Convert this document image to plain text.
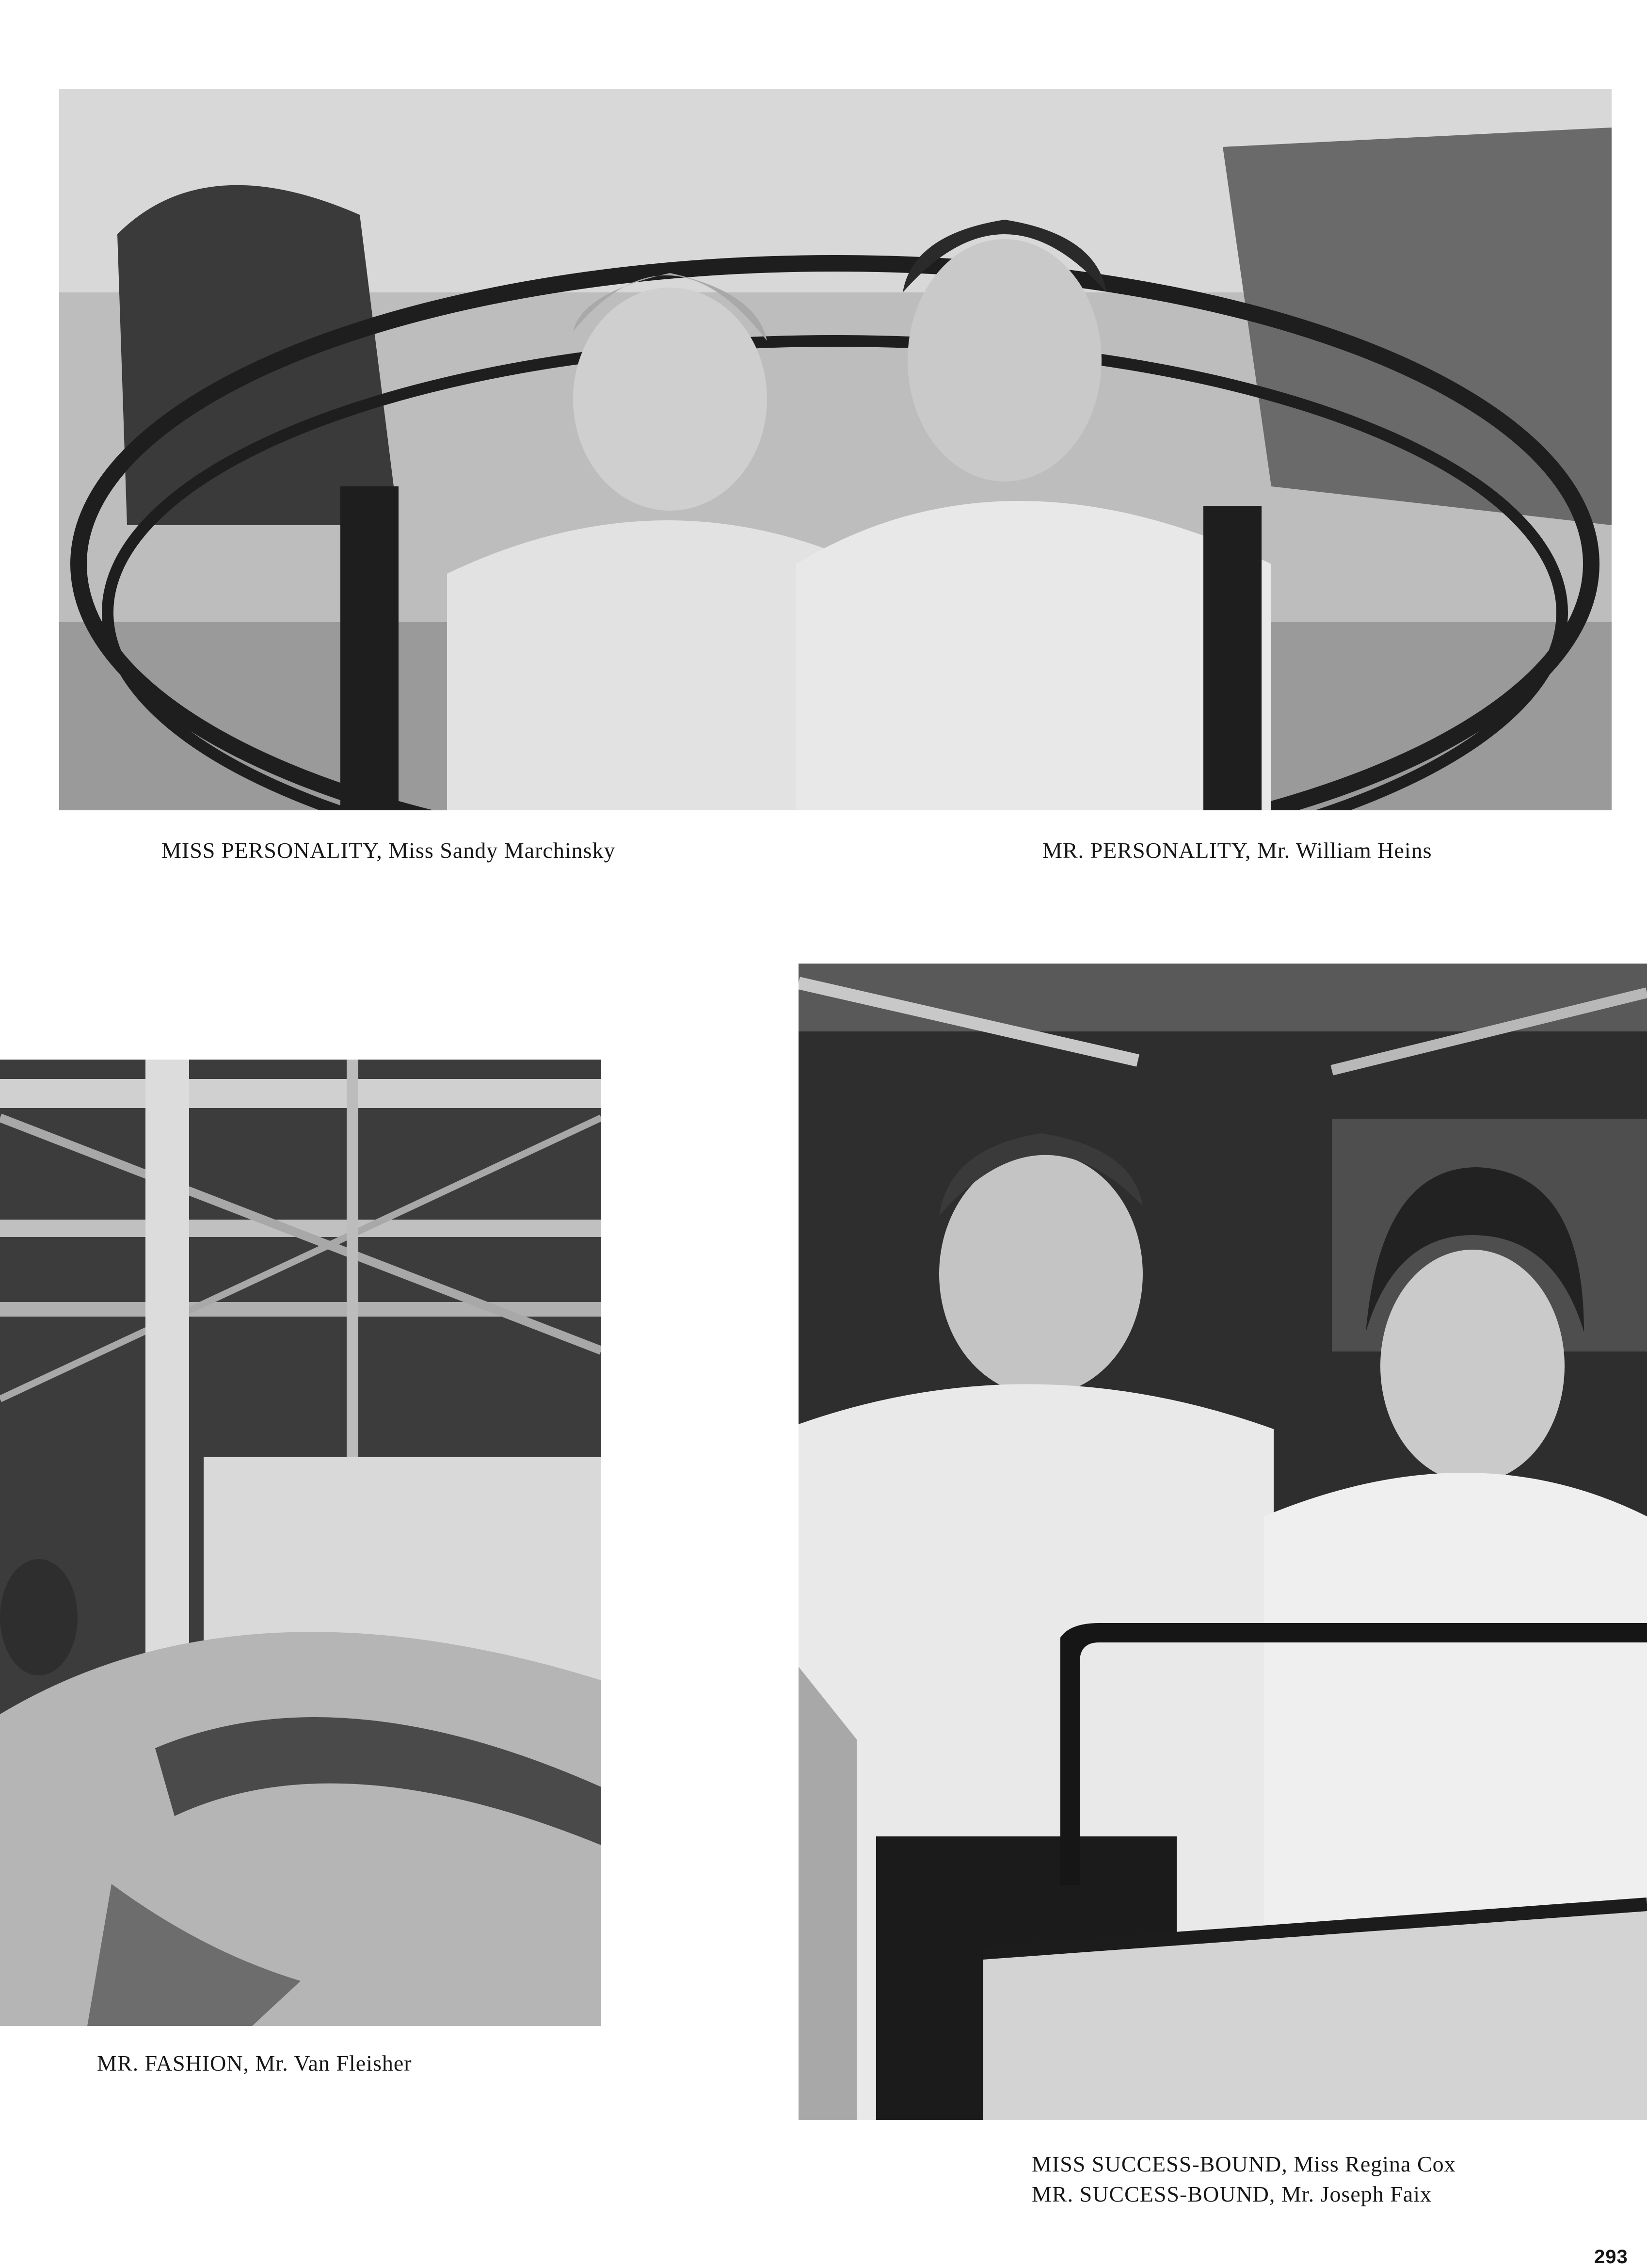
MISS PERSONALITY, Miss Sandy Marchinsky	MR. PERSONALITY, Mr. William Heins
MR. FASHION, Mr. Van Fleisher
MISS SUCCESS-BOUND, Miss Regina Cox
MR. SUCCESS-BOUND, Mr. Joseph Faix
293
